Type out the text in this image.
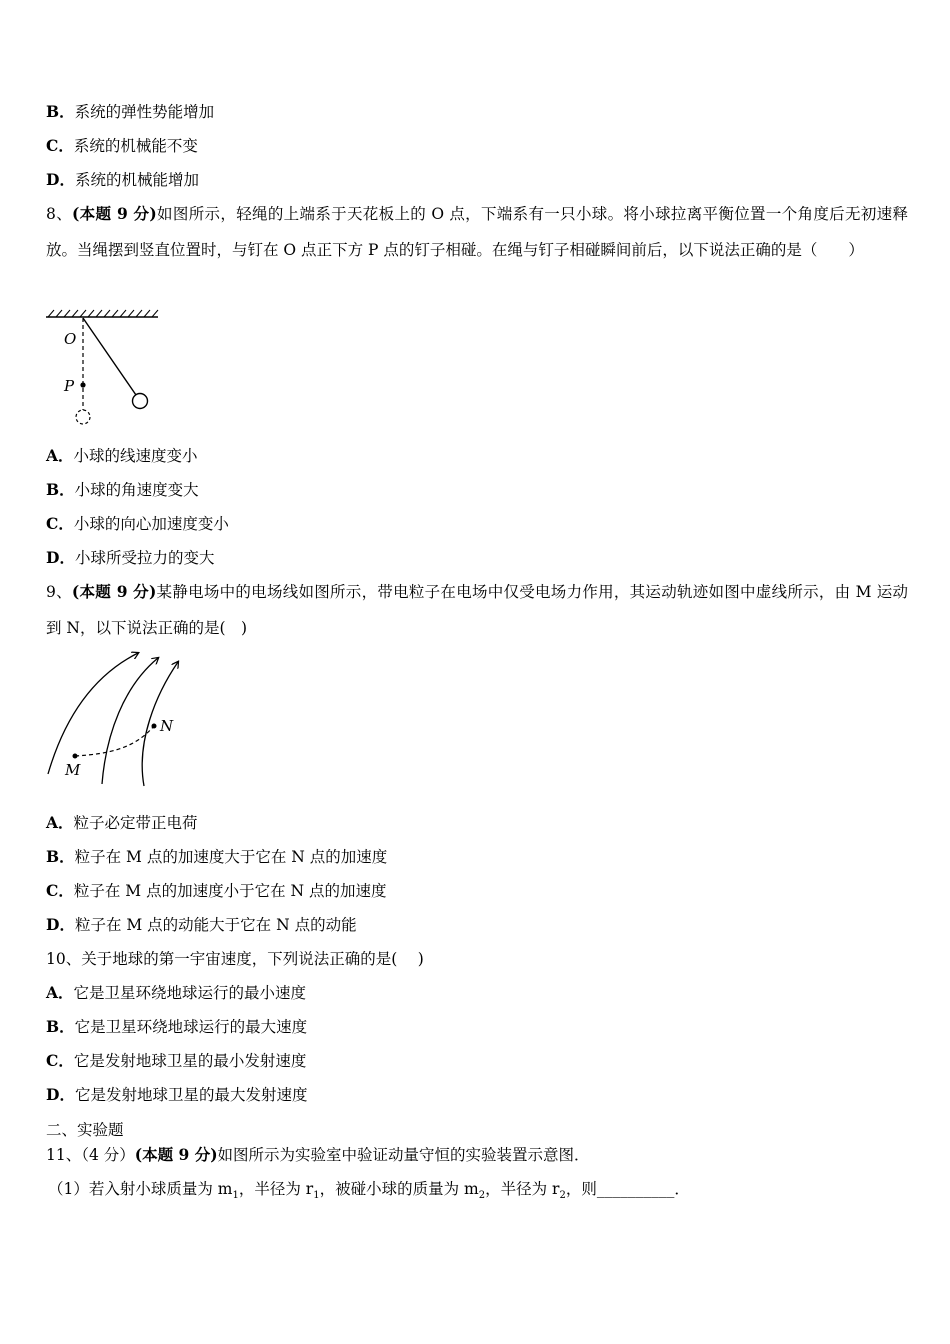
B．系统的弹性势能增加
C．系统的机械能不变
D．系统的机械能增加
8、(本题 9 分)如图所示，轻绳的上端系于天花板上的 O 点，下端系有一只小球。将小球拉离平衡位置一个角度后无初速释放。当绳摆到竖直位置时，与钉在 O 点正下方 P 点的钉子相碰。在绳与钉子相碰瞬间前后，以下说法正确的是（　　）
O
P
A．小球的线速度变小
B．小球的角速度变大
C．小球的向心加速度变小
D．小球所受拉力的变大
9、(本题 9 分)某静电场中的电场线如图所示，带电粒子在电场中仅受电场力作用，其运动轨迹如图中虚线所示，由 M 运动到 N，以下说法正确的是(　)
M
N
A．粒子必定带正电荷
B．粒子在 M 点的加速度大于它在 N 点的加速度
C．粒子在 M 点的加速度小于它在 N 点的加速度
D．粒子在 M 点的动能大于它在 N 点的动能
10、关于地球的第一宇宙速度，下列说法正确的是(　 )
A．它是卫星环绕地球运行的最小速度
B．它是卫星环绕地球运行的最大速度
C．它是发射地球卫星的最小发射速度
D．它是发射地球卫星的最大发射速度
二、实验题
11、（4 分）(本题 9 分)如图所示为实验室中验证动量守恒的实验装置示意图．
（1）若入射小球质量为 $m_1$，半径为 $r_1$，被碰小球的质量为 $m_2$，半径为 $r_2$，则__________．
